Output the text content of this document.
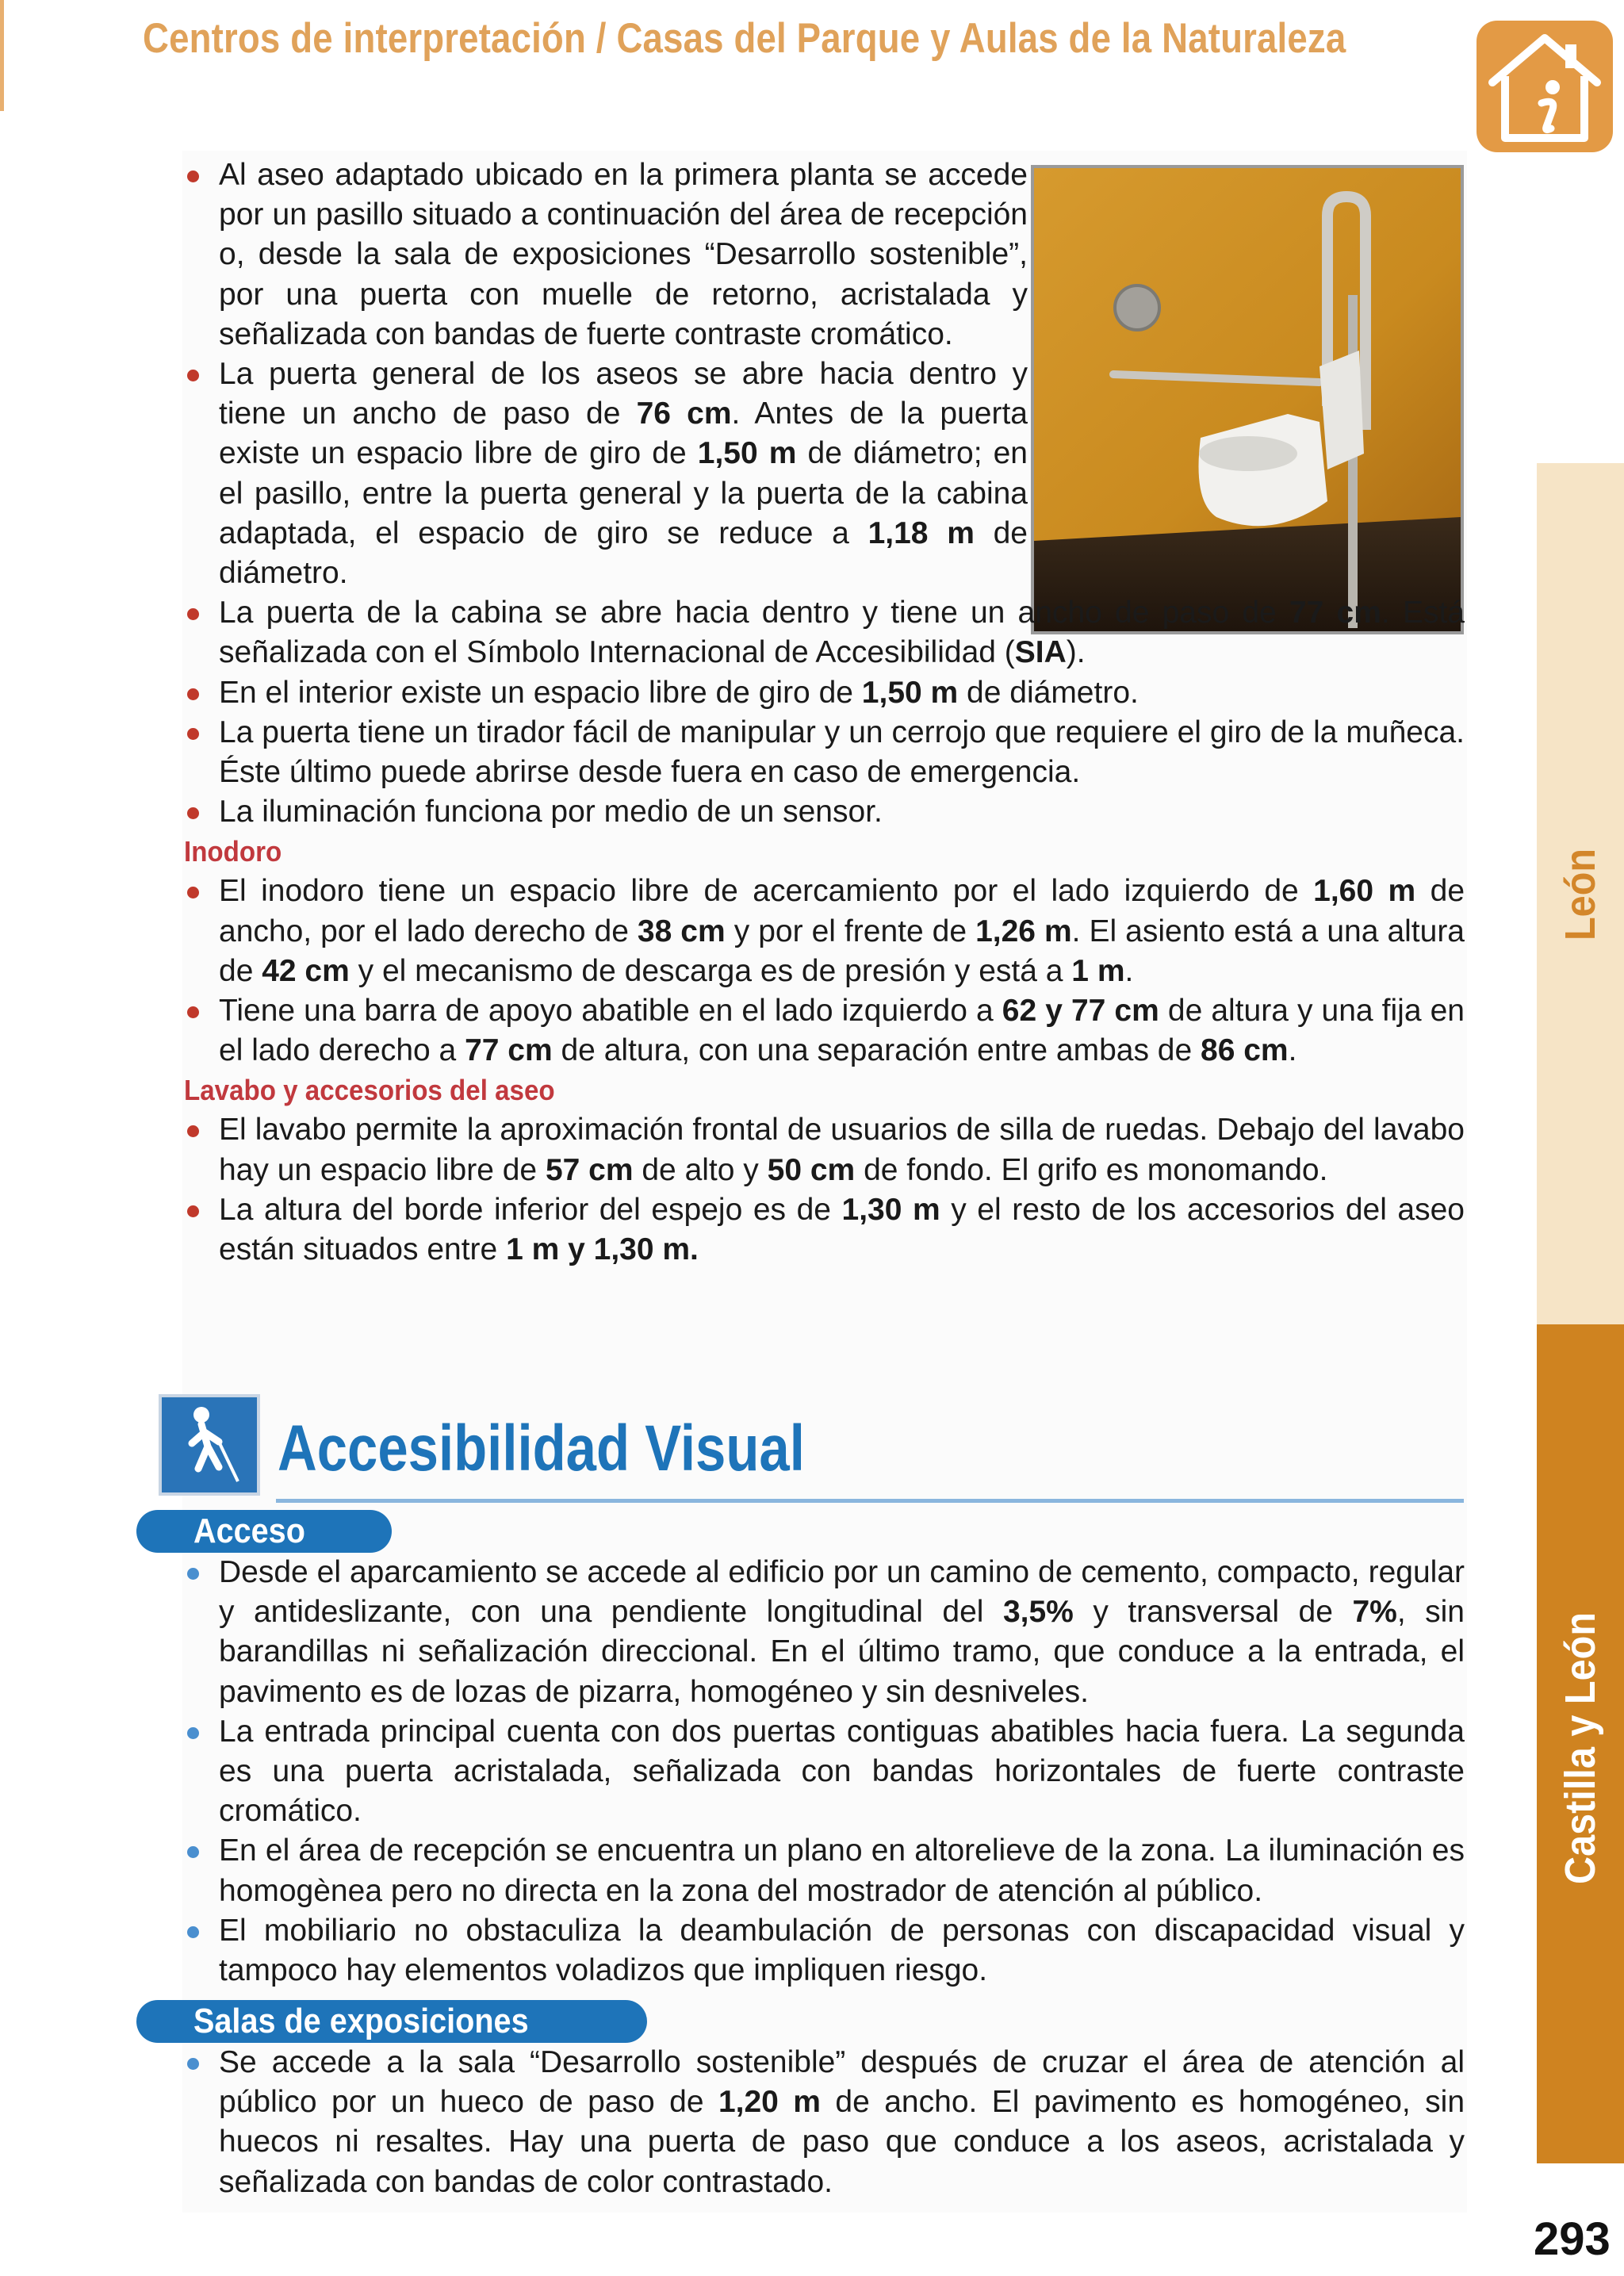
Centros de interpretación / Casas del Parque y Aulas de la Naturaleza

Al aseo adaptado ubicado en la primera planta se accede por un pasillo situado a continuación del área de recepción o, desde la sala de exposiciones “Desarrollo sostenible”, por una puerta con muelle de retorno, acristalada y señalizada con bandas de fuerte contraste cromático.

La puerta general de los aseos se abre hacia dentro y tiene un ancho de paso de 76 cm. Antes de la puerta existe un espacio libre de giro de 1,50 m de diámetro; en el pasillo, entre la puerta general y la puerta de la cabina adaptada, el espacio de giro se reduce a 1,18 m de diámetro.

La puerta de la cabina se abre hacia dentro y tiene un ancho de paso de 77 cm. Está señalizada con el Símbolo Internacional de Accesibilidad (SIA).

En el interior existe un espacio libre de giro de 1,50 m de diámetro.

La puerta tiene un tirador fácil de manipular y un cerrojo que requiere el giro de la muñeca. Éste último puede abrirse desde fuera en caso de emergencia.

La iluminación funciona por medio de un sensor.

Inodoro

El inodoro tiene un espacio libre de acercamiento por el lado izquierdo de 1,60 m de ancho, por el lado derecho de 38 cm y por el frente de 1,26 m. El asiento está a una altura de 42 cm y el mecanismo de descarga es de presión y está a 1 m.

Tiene una barra de apoyo abatible en el lado izquierdo a 62 y 77 cm de altura y una fija en el lado derecho a 77 cm de altura, con una separación entre ambas de 86 cm.

Lavabo y accesorios del aseo

El lavabo permite la aproximación frontal de usuarios de silla de ruedas. Debajo del lavabo hay un espacio libre de 57 cm de alto y 50 cm de fondo. El grifo es monomando.

La altura del borde inferior del espejo es de 1,30 m y el resto de los accesorios del aseo están situados entre 1 m y 1,30 m.

Accesibilidad Visual
Acceso

Desde el aparcamiento se accede al edificio por un camino de cemento, compacto, regular y antideslizante, con una pendiente longitudinal del 3,5% y transversal de 7%, sin barandillas ni señalización direccional. En el último tramo, que conduce a la entrada, el pavimento es de lozas de pizarra, homogéneo y sin desniveles.

La entrada principal cuenta con dos puertas contiguas abatibles hacia fuera. La segunda es una puerta acristalada, señalizada con bandas horizontales de fuerte contraste cromático.

En el área de recepción se encuentra un plano en altorelieve de la zona. La iluminación es homogènea pero no directa en la zona del mostrador de atención al público.

El mobiliario no obstaculiza la deambulación de personas con discapacidad visual y tampoco hay elementos voladizos que impliquen riesgo.

Salas de exposiciones

Se accede a la sala “Desarrollo sostenible” después de cruzar el área de atención al público por un hueco de paso de 1,20 m de ancho. El pavimento es homogéneo, sin huecos ni resaltes. Hay una puerta de paso que conduce a los aseos, acristalada y señalizada con bandas de color contrastado.

León
Castilla y León
293
